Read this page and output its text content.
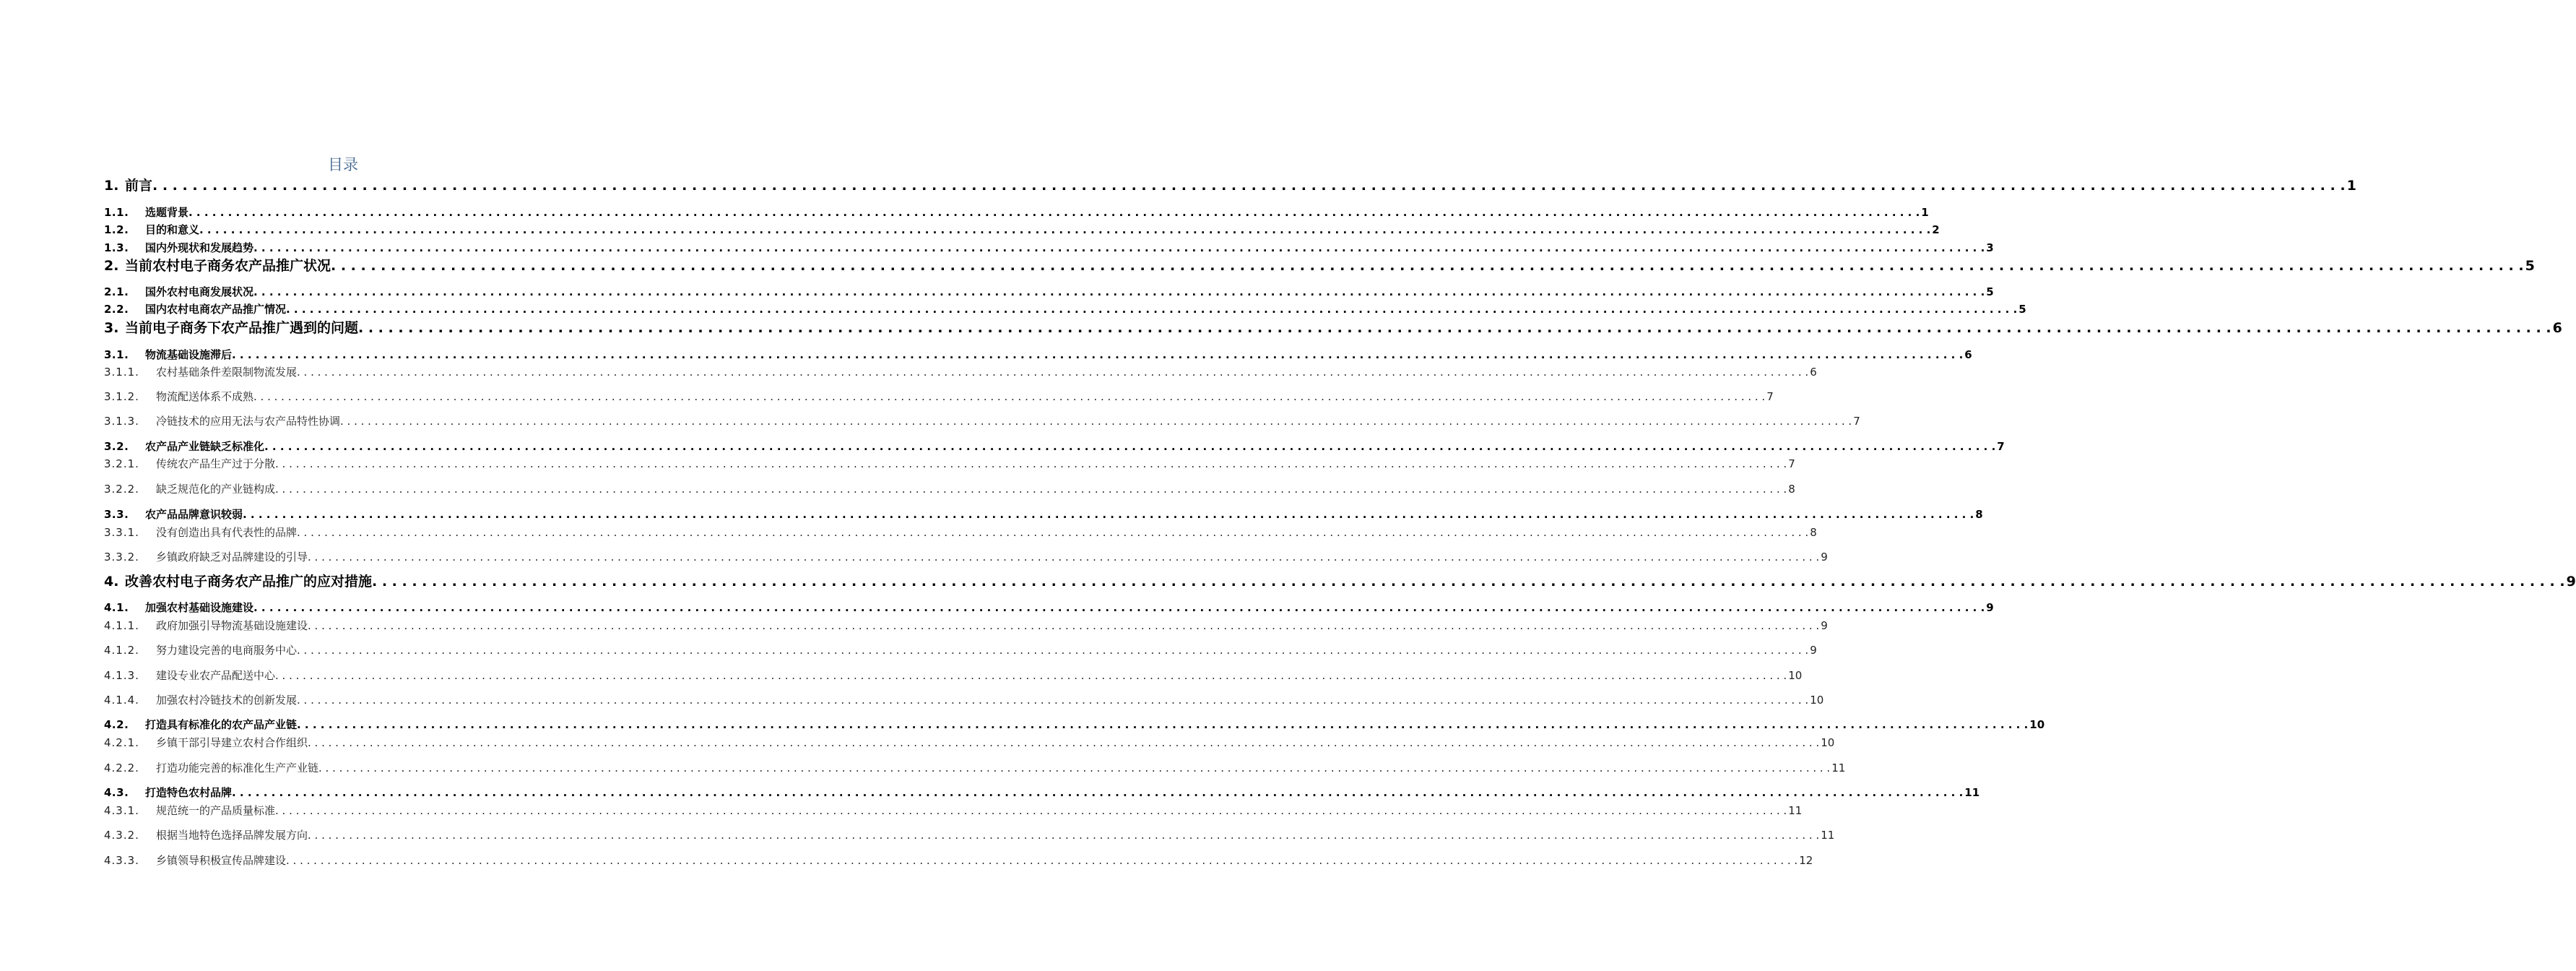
目录
1. 前言 . . . . . . . . . . . . . . . . . . . . . . . . . . . . . . . . . . . . . . . . . . . . . . . . . . . . . . . . . . . . . . . . . . . . . . . . . . . . . . . . . . . . . . . . . . . . . . . . . . . . . . . . . . . . . . . . . . . . . . . . . . . . . . . . . . . . . . . . . . . . . . . . . . . . . . . . . . . . . . . . . . . . . . . . . . . . . . . . . . . . . . . . . . . . . . . . . . . . . . . . . . . . . . . . . . . . . . . . . . . . 1
1.1.	选题背景 . . . . . . . . . . . . . . . . . . . . . . . . . . . . . . . . . . . . . . . . . . . . . . . . . . . . . . . . . . . . . . . . . . . . . . . . . . . . . . . . . . . . . . . . . . . . . . . . . . . . . . . . . . . . . . . . . . . . . . . . . . . . . . . . . . . . . . . . . . . . . . . . . . . . . . . . . . . . . . . . . . . . . . . . . . . . . . . . . . . . . . . . . . . . . . . . . . . . . . . . . . . . . . . . . . . . . . . . . . . . 1
1.2.	目的和意义 . . . . . . . . . . . . . . . . . . . . . . . . . . . . . . . . . . . . . . . . . . . . . . . . . . . . . . . . . . . . . . . . . . . . . . . . . . . . . . . . . . . . . . . . . . . . . . . . . . . . . . . . . . . . . . . . . . . . . . . . . . . . . . . . . . . . . . . . . . . . . . . . . . . . . . . . . . . . . . . . . . . . . . . . . . . . . . . . . . . . . . . . . . . . . . . . . . . . . . . . . . . . . . . . . . . . . . . . . . . . 2
1.3.	国内外现状和发展趋势 . . . . . . . . . . . . . . . . . . . . . . . . . . . . . . . . . . . . . . . . . . . . . . . . . . . . . . . . . . . . . . . . . . . . . . . . . . . . . . . . . . . . . . . . . . . . . . . . . . . . . . . . . . . . . . . . . . . . . . . . . . . . . . . . . . . . . . . . . . . . . . . . . . . . . . . . . . . . . . . . . . . . . . . . . . . . . . . . . . . . . . . . . . . . . . . . . . . . . . . . . . . . . . . . . . . . . . . . . . . . 3
2. 当前农村电子商务农产品推广状况 . . . . . . . . . . . . . . . . . . . . . . . . . . . . . . . . . . . . . . . . . . . . . . . . . . . . . . . . . . . . . . . . . . . . . . . . . . . . . . . . . . . . . . . . . . . . . . . . . . . . . . . . . . . . . . . . . . . . . . . . . . . . . . . . . . . . . . . . . . . . . . . . . . . . . . . . . . . . . . . . . . . . . . . . . . . . . . . . . . . . . . . . . . . . . . . . . . . . . . . . . . . . . . . . . . . . . . . . . . . . 5
2.1.	国外农村电商发展状况 . . . . . . . . . . . . . . . . . . . . . . . . . . . . . . . . . . . . . . . . . . . . . . . . . . . . . . . . . . . . . . . . . . . . . . . . . . . . . . . . . . . . . . . . . . . . . . . . . . . . . . . . . . . . . . . . . . . . . . . . . . . . . . . . . . . . . . . . . . . . . . . . . . . . . . . . . . . . . . . . . . . . . . . . . . . . . . . . . . . . . . . . . . . . . . . . . . . . . . . . . . . . . . . . . . . . . . . . . . . . 5
2.2.	国内农村电商农产品推广情况 . . . . . . . . . . . . . . . . . . . . . . . . . . . . . . . . . . . . . . . . . . . . . . . . . . . . . . . . . . . . . . . . . . . . . . . . . . . . . . . . . . . . . . . . . . . . . . . . . . . . . . . . . . . . . . . . . . . . . . . . . . . . . . . . . . . . . . . . . . . . . . . . . . . . . . . . . . . . . . . . . . . . . . . . . . . . . . . . . . . . . . . . . . . . . . . . . . . . . . . . . . . . . . . . . . . . . . . . . . . . 5
3. 当前电子商务下农产品推广遇到的问题 . . . . . . . . . . . . . . . . . . . . . . . . . . . . . . . . . . . . . . . . . . . . . . . . . . . . . . . . . . . . . . . . . . . . . . . . . . . . . . . . . . . . . . . . . . . . . . . . . . . . . . . . . . . . . . . . . . . . . . . . . . . . . . . . . . . . . . . . . . . . . . . . . . . . . . . . . . . . . . . . . . . . . . . . . . . . . . . . . . . . . . . . . . . . . . . . . . . . . . . . . . . . . . . . . . . . . . . . . . . . 6
3.1.	物流基础设施滞后 . . . . . . . . . . . . . . . . . . . . . . . . . . . . . . . . . . . . . . . . . . . . . . . . . . . . . . . . . . . . . . . . . . . . . . . . . . . . . . . . . . . . . . . . . . . . . . . . . . . . . . . . . . . . . . . . . . . . . . . . . . . . . . . . . . . . . . . . . . . . . . . . . . . . . . . . . . . . . . . . . . . . . . . . . . . . . . . . . . . . . . . . . . . . . . . . . . . . . . . . . . . . . . . . . . . . . . . . . . . . 6
3.1.1.	农村基础条件差限制物流发展 . . . . . . . . . . . . . . . . . . . . . . . . . . . . . . . . . . . . . . . . . . . . . . . . . . . . . . . . . . . . . . . . . . . . . . . . . . . . . . . . . . . . . . . . . . . . . . . . . . . . . . . . . . . . . . . . . . . . . . . . . . . . . . . . . . . . . . . . . . . . . . . . . . . . . . . . . . . . . . . . . . . . . . . . . . . . . . . . . . . . . . . . . . . . . . . . . . . . . . . . . . . . . . . . . . . . . . . . . . . . 6
3.1.2.	物流配送体系不成熟 . . . . . . . . . . . . . . . . . . . . . . . . . . . . . . . . . . . . . . . . . . . . . . . . . . . . . . . . . . . . . . . . . . . . . . . . . . . . . . . . . . . . . . . . . . . . . . . . . . . . . . . . . . . . . . . . . . . . . . . . . . . . . . . . . . . . . . . . . . . . . . . . . . . . . . . . . . . . . . . . . . . . . . . . . . . . . . . . . . . . . . . . . . . . . . . . . . . . . . . . . . . . . . . . . . . . . . . . . . . . 7
3.1.3.	冷链技术的应用无法与农产品特性协调 . . . . . . . . . . . . . . . . . . . . . . . . . . . . . . . . . . . . . . . . . . . . . . . . . . . . . . . . . . . . . . . . . . . . . . . . . . . . . . . . . . . . . . . . . . . . . . . . . . . . . . . . . . . . . . . . . . . . . . . . . . . . . . . . . . . . . . . . . . . . . . . . . . . . . . . . . . . . . . . . . . . . . . . . . . . . . . . . . . . . . . . . . . . . . . . . . . . . . . . . . . . . . . . . . . . . . . . . . . . . 7
3.2.	农产品产业链缺乏标准化 . . . . . . . . . . . . . . . . . . . . . . . . . . . . . . . . . . . . . . . . . . . . . . . . . . . . . . . . . . . . . . . . . . . . . . . . . . . . . . . . . . . . . . . . . . . . . . . . . . . . . . . . . . . . . . . . . . . . . . . . . . . . . . . . . . . . . . . . . . . . . . . . . . . . . . . . . . . . . . . . . . . . . . . . . . . . . . . . . . . . . . . . . . . . . . . . . . . . . . . . . . . . . . . . . . . . . . . . . . . . 7
3.2.1.	传统农产品生产过于分散 . . . . . . . . . . . . . . . . . . . . . . . . . . . . . . . . . . . . . . . . . . . . . . . . . . . . . . . . . . . . . . . . . . . . . . . . . . . . . . . . . . . . . . . . . . . . . . . . . . . . . . . . . . . . . . . . . . . . . . . . . . . . . . . . . . . . . . . . . . . . . . . . . . . . . . . . . . . . . . . . . . . . . . . . . . . . . . . . . . . . . . . . . . . . . . . . . . . . . . . . . . . . . . . . . . . . . . . . . . . . 7
3.2.2.	缺乏规范化的产业链构成 . . . . . . . . . . . . . . . . . . . . . . . . . . . . . . . . . . . . . . . . . . . . . . . . . . . . . . . . . . . . . . . . . . . . . . . . . . . . . . . . . . . . . . . . . . . . . . . . . . . . . . . . . . . . . . . . . . . . . . . . . . . . . . . . . . . . . . . . . . . . . . . . . . . . . . . . . . . . . . . . . . . . . . . . . . . . . . . . . . . . . . . . . . . . . . . . . . . . . . . . . . . . . . . . . . . . . . . . . . . . 8
3.3.	农产品品牌意识较弱 . . . . . . . . . . . . . . . . . . . . . . . . . . . . . . . . . . . . . . . . . . . . . . . . . . . . . . . . . . . . . . . . . . . . . . . . . . . . . . . . . . . . . . . . . . . . . . . . . . . . . . . . . . . . . . . . . . . . . . . . . . . . . . . . . . . . . . . . . . . . . . . . . . . . . . . . . . . . . . . . . . . . . . . . . . . . . . . . . . . . . . . . . . . . . . . . . . . . . . . . . . . . . . . . . . . . . . . . . . . . 8
3.3.1.	没有创造出具有代表性的品牌 . . . . . . . . . . . . . . . . . . . . . . . . . . . . . . . . . . . . . . . . . . . . . . . . . . . . . . . . . . . . . . . . . . . . . . . . . . . . . . . . . . . . . . . . . . . . . . . . . . . . . . . . . . . . . . . . . . . . . . . . . . . . . . . . . . . . . . . . . . . . . . . . . . . . . . . . . . . . . . . . . . . . . . . . . . . . . . . . . . . . . . . . . . . . . . . . . . . . . . . . . . . . . . . . . . . . . . . . . . . . 8
3.3.2.	乡镇政府缺乏对品牌建设的引导 . . . . . . . . . . . . . . . . . . . . . . . . . . . . . . . . . . . . . . . . . . . . . . . . . . . . . . . . . . . . . . . . . . . . . . . . . . . . . . . . . . . . . . . . . . . . . . . . . . . . . . . . . . . . . . . . . . . . . . . . . . . . . . . . . . . . . . . . . . . . . . . . . . . . . . . . . . . . . . . . . . . . . . . . . . . . . . . . . . . . . . . . . . . . . . . . . . . . . . . . . . . . . . . . . . . . . . . . . . . . 9
4. 改善农村电子商务农产品推广的应对措施 . . . . . . . . . . . . . . . . . . . . . . . . . . . . . . . . . . . . . . . . . . . . . . . . . . . . . . . . . . . . . . . . . . . . . . . . . . . . . . . . . . . . . . . . . . . . . . . . . . . . . . . . . . . . . . . . . . . . . . . . . . . . . . . . . . . . . . . . . . . . . . . . . . . . . . . . . . . . . . . . . . . . . . . . . . . . . . . . . . . . . . . . . . . . . . . . . . . . . . . . . . . . . . . . . . . . . . . . . . . . 9
4.1.	加强农村基础设施建设 . . . . . . . . . . . . . . . . . . . . . . . . . . . . . . . . . . . . . . . . . . . . . . . . . . . . . . . . . . . . . . . . . . . . . . . . . . . . . . . . . . . . . . . . . . . . . . . . . . . . . . . . . . . . . . . . . . . . . . . . . . . . . . . . . . . . . . . . . . . . . . . . . . . . . . . . . . . . . . . . . . . . . . . . . . . . . . . . . . . . . . . . . . . . . . . . . . . . . . . . . . . . . . . . . . . . . . . . . . . . 9
4.1.1.	政府加强引导物流基础设施建设 . . . . . . . . . . . . . . . . . . . . . . . . . . . . . . . . . . . . . . . . . . . . . . . . . . . . . . . . . . . . . . . . . . . . . . . . . . . . . . . . . . . . . . . . . . . . . . . . . . . . . . . . . . . . . . . . . . . . . . . . . . . . . . . . . . . . . . . . . . . . . . . . . . . . . . . . . . . . . . . . . . . . . . . . . . . . . . . . . . . . . . . . . . . . . . . . . . . . . . . . . . . . . . . . . . . . . . . . . . . . 9
4.1.2.	努力建设完善的电商服务中心 . . . . . . . . . . . . . . . . . . . . . . . . . . . . . . . . . . . . . . . . . . . . . . . . . . . . . . . . . . . . . . . . . . . . . . . . . . . . . . . . . . . . . . . . . . . . . . . . . . . . . . . . . . . . . . . . . . . . . . . . . . . . . . . . . . . . . . . . . . . . . . . . . . . . . . . . . . . . . . . . . . . . . . . . . . . . . . . . . . . . . . . . . . . . . . . . . . . . . . . . . . . . . . . . . . . . . . . . . . . . 9
4.1.3.	建设专业农产品配送中心 . . . . . . . . . . . . . . . . . . . . . . . . . . . . . . . . . . . . . . . . . . . . . . . . . . . . . . . . . . . . . . . . . . . . . . . . . . . . . . . . . . . . . . . . . . . . . . . . . . . . . . . . . . . . . . . . . . . . . . . . . . . . . . . . . . . . . . . . . . . . . . . . . . . . . . . . . . . . . . . . . . . . . . . . . . . . . . . . . . . . . . . . . . . . . . . . . . . . . . . . . . . . . . . . . . . . . . . . . . . . 10
4.1.4.	加强农村冷链技术的创新发展 . . . . . . . . . . . . . . . . . . . . . . . . . . . . . . . . . . . . . . . . . . . . . . . . . . . . . . . . . . . . . . . . . . . . . . . . . . . . . . . . . . . . . . . . . . . . . . . . . . . . . . . . . . . . . . . . . . . . . . . . . . . . . . . . . . . . . . . . . . . . . . . . . . . . . . . . . . . . . . . . . . . . . . . . . . . . . . . . . . . . . . . . . . . . . . . . . . . . . . . . . . . . . . . . . . . . . . . . . . . . 10
4.2.	打造具有标准化的农产品产业链 . . . . . . . . . . . . . . . . . . . . . . . . . . . . . . . . . . . . . . . . . . . . . . . . . . . . . . . . . . . . . . . . . . . . . . . . . . . . . . . . . . . . . . . . . . . . . . . . . . . . . . . . . . . . . . . . . . . . . . . . . . . . . . . . . . . . . . . . . . . . . . . . . . . . . . . . . . . . . . . . . . . . . . . . . . . . . . . . . . . . . . . . . . . . . . . . . . . . . . . . . . . . . . . . . . . . . . . . . . . . 10
4.2.1.	乡镇干部引导建立农村合作组织 . . . . . . . . . . . . . . . . . . . . . . . . . . . . . . . . . . . . . . . . . . . . . . . . . . . . . . . . . . . . . . . . . . . . . . . . . . . . . . . . . . . . . . . . . . . . . . . . . . . . . . . . . . . . . . . . . . . . . . . . . . . . . . . . . . . . . . . . . . . . . . . . . . . . . . . . . . . . . . . . . . . . . . . . . . . . . . . . . . . . . . . . . . . . . . . . . . . . . . . . . . . . . . . . . . . . . . . . . . . . 10
4.2.2.	打造功能完善的标准化生产产业链 . . . . . . . . . . . . . . . . . . . . . . . . . . . . . . . . . . . . . . . . . . . . . . . . . . . . . . . . . . . . . . . . . . . . . . . . . . . . . . . . . . . . . . . . . . . . . . . . . . . . . . . . . . . . . . . . . . . . . . . . . . . . . . . . . . . . . . . . . . . . . . . . . . . . . . . . . . . . . . . . . . . . . . . . . . . . . . . . . . . . . . . . . . . . . . . . . . . . . . . . . . . . . . . . . . . . . . . . . . . . 11
4.3.	打造特色农村品牌 . . . . . . . . . . . . . . . . . . . . . . . . . . . . . . . . . . . . . . . . . . . . . . . . . . . . . . . . . . . . . . . . . . . . . . . . . . . . . . . . . . . . . . . . . . . . . . . . . . . . . . . . . . . . . . . . . . . . . . . . . . . . . . . . . . . . . . . . . . . . . . . . . . . . . . . . . . . . . . . . . . . . . . . . . . . . . . . . . . . . . . . . . . . . . . . . . . . . . . . . . . . . . . . . . . . . . . . . . . . . 11
4.3.1.	规范统一的产品质量标准 . . . . . . . . . . . . . . . . . . . . . . . . . . . . . . . . . . . . . . . . . . . . . . . . . . . . . . . . . . . . . . . . . . . . . . . . . . . . . . . . . . . . . . . . . . . . . . . . . . . . . . . . . . . . . . . . . . . . . . . . . . . . . . . . . . . . . . . . . . . . . . . . . . . . . . . . . . . . . . . . . . . . . . . . . . . . . . . . . . . . . . . . . . . . . . . . . . . . . . . . . . . . . . . . . . . . . . . . . . . . 11
4.3.2.	根据当地特色选择品牌发展方向 . . . . . . . . . . . . . . . . . . . . . . . . . . . . . . . . . . . . . . . . . . . . . . . . . . . . . . . . . . . . . . . . . . . . . . . . . . . . . . . . . . . . . . . . . . . . . . . . . . . . . . . . . . . . . . . . . . . . . . . . . . . . . . . . . . . . . . . . . . . . . . . . . . . . . . . . . . . . . . . . . . . . . . . . . . . . . . . . . . . . . . . . . . . . . . . . . . . . . . . . . . . . . . . . . . . . . . . . . . . . 11
4.3.3.	乡镇领导积极宣传品牌建设 . . . . . . . . . . . . . . . . . . . . . . . . . . . . . . . . . . . . . . . . . . . . . . . . . . . . . . . . . . . . . . . . . . . . . . . . . . . . . . . . . . . . . . . . . . . . . . . . . . . . . . . . . . . . . . . . . . . . . . . . . . . . . . . . . . . . . . . . . . . . . . . . . . . . . . . . . . . . . . . . . . . . . . . . . . . . . . . . . . . . . . . . . . . . . . . . . . . . . . . . . . . . . . . . . . . . . . . . . . . . 12
